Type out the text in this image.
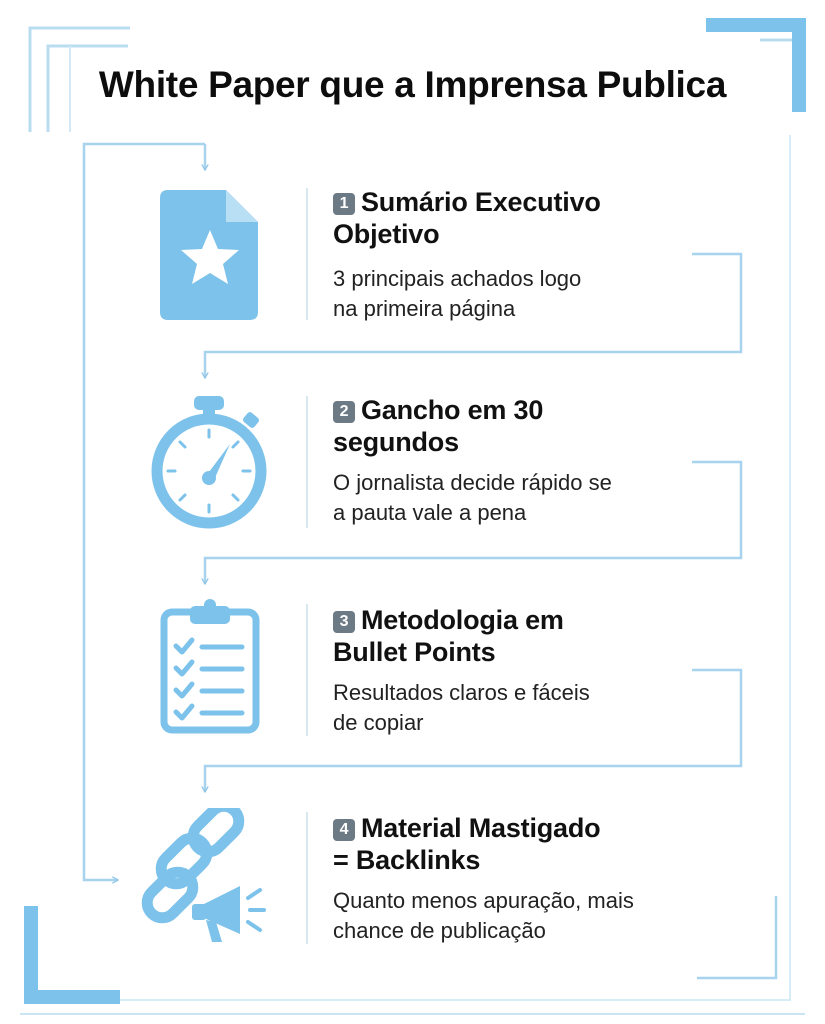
White Paper que a Imprensa Publica

1 Sumário Executivo
Objetivo

3 principais achados logo
na primeira página

2 Gancho em 30
segundos

O jornalista decide rápido se
a pauta vale a pena

3 Metodologia em
Bullet Points

Resultados claros e fáceis
de copiar

4 Material Mastigado
= Backlinks

Quanto menos apuração, mais
chance de publicação
